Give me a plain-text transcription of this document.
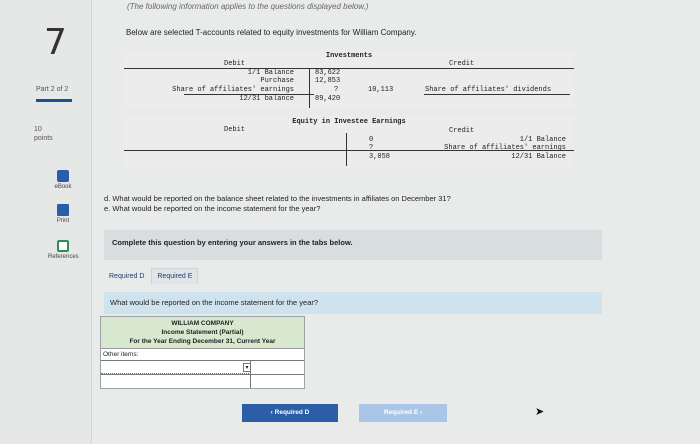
7
Part 2 of 2
10
points
eBook
Print
References
(The following information applies to the questions displayed below.)
Below are selected T-accounts related to equity investments for William Company.
Investments
Debit	Credit
1/1 Balance	83,622
Purchase	12,853
Share of affiliates' earnings	?	10,113	Share of affiliates' dividends
12/31 balance	89,420
Equity in Investee Earnings
Debit	Credit
0	1/1 Balance
?	Share of affiliates' earnings
3,058	12/31 Balance
d. What would be reported on the balance sheet related to the investments in affiliates on December 31?
e. What would be reported on the income statement for the year?
Complete this question by entering your answers in the tabs below.
Required D Required E
What would be reported on the income statement for the year?
WILLIAM COMPANY
Income Statement (Partial)
For the Year Ending December 31, Current Year
Other items:
▾
‹ Required D	Required E ›	➤
